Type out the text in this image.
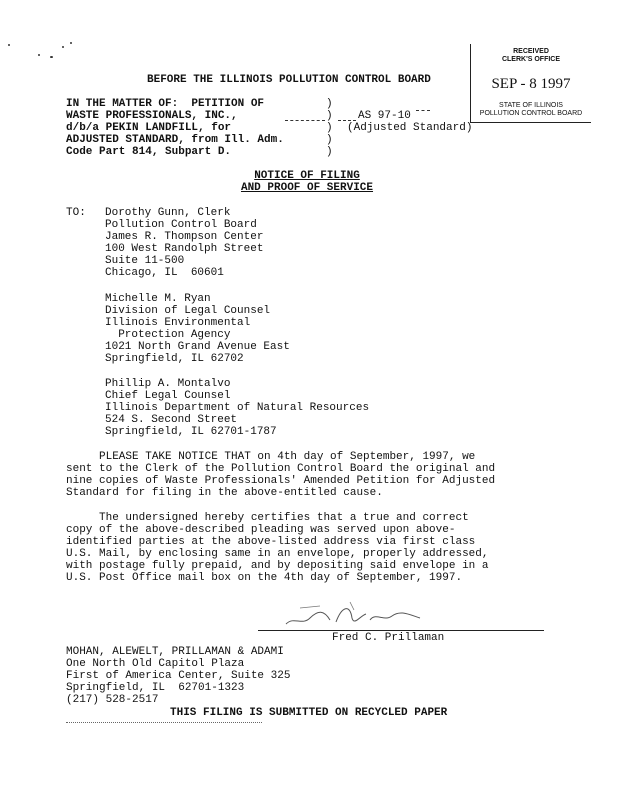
RECEIVED
CLERK'S OFFICE
SEP - 8 1997
STATE OF ILLINOIS
POLLUTION CONTROL BOARD
BEFORE THE ILLINOIS POLLUTION CONTROL BOARD
IN THE MATTER OF:  PETITION OF
WASTE PROFESSIONALS, INC.,
d/b/a PEKIN LANDFILL, for
ADJUSTED STANDARD, from Ill. Adm.
Code Part 814, Subpart D.
)
)
)
)
)
AS 97-10
(Adjusted Standard)
NOTICE OF FILING
AND PROOF OF SERVICE
TO: Dorothy Gunn, Clerk
Pollution Control Board
James R. Thompson Center
100 West Randolph Street
Suite 11-500
Chicago, IL  60601
Michelle M. Ryan
Division of Legal Counsel
Illinois Environmental
Protection Agency
1021 North Grand Avenue East
Springfield, IL 62702
Phillip A. Montalvo
Chief Legal Counsel
Illinois Department of Natural Resources
524 S. Second Street
Springfield, IL 62701-1787
PLEASE TAKE NOTICE THAT on 4th day of September, 1997, we
sent to the Clerk of the Pollution Control Board the original and
nine copies of Waste Professionals' Amended Petition for Adjusted
Standard for filing in the above-entitled cause.
The undersigned hereby certifies that a true and correct
copy of the above-described pleading was served upon above-
identified parties at the above-listed address via first class
U.S. Mail, by enclosing same in an envelope, properly addressed,
with postage fully prepaid, and by depositing said envelope in a
U.S. Post Office mail box on the 4th day of September, 1997.
Fred C. Prillaman
MOHAN, ALEWELT, PRILLAMAN & ADAMI
One North Old Capitol Plaza
First of America Center, Suite 325
Springfield, IL  62701-1323
(217) 528-2517
THIS FILING IS SUBMITTED ON RECYCLED PAPER
